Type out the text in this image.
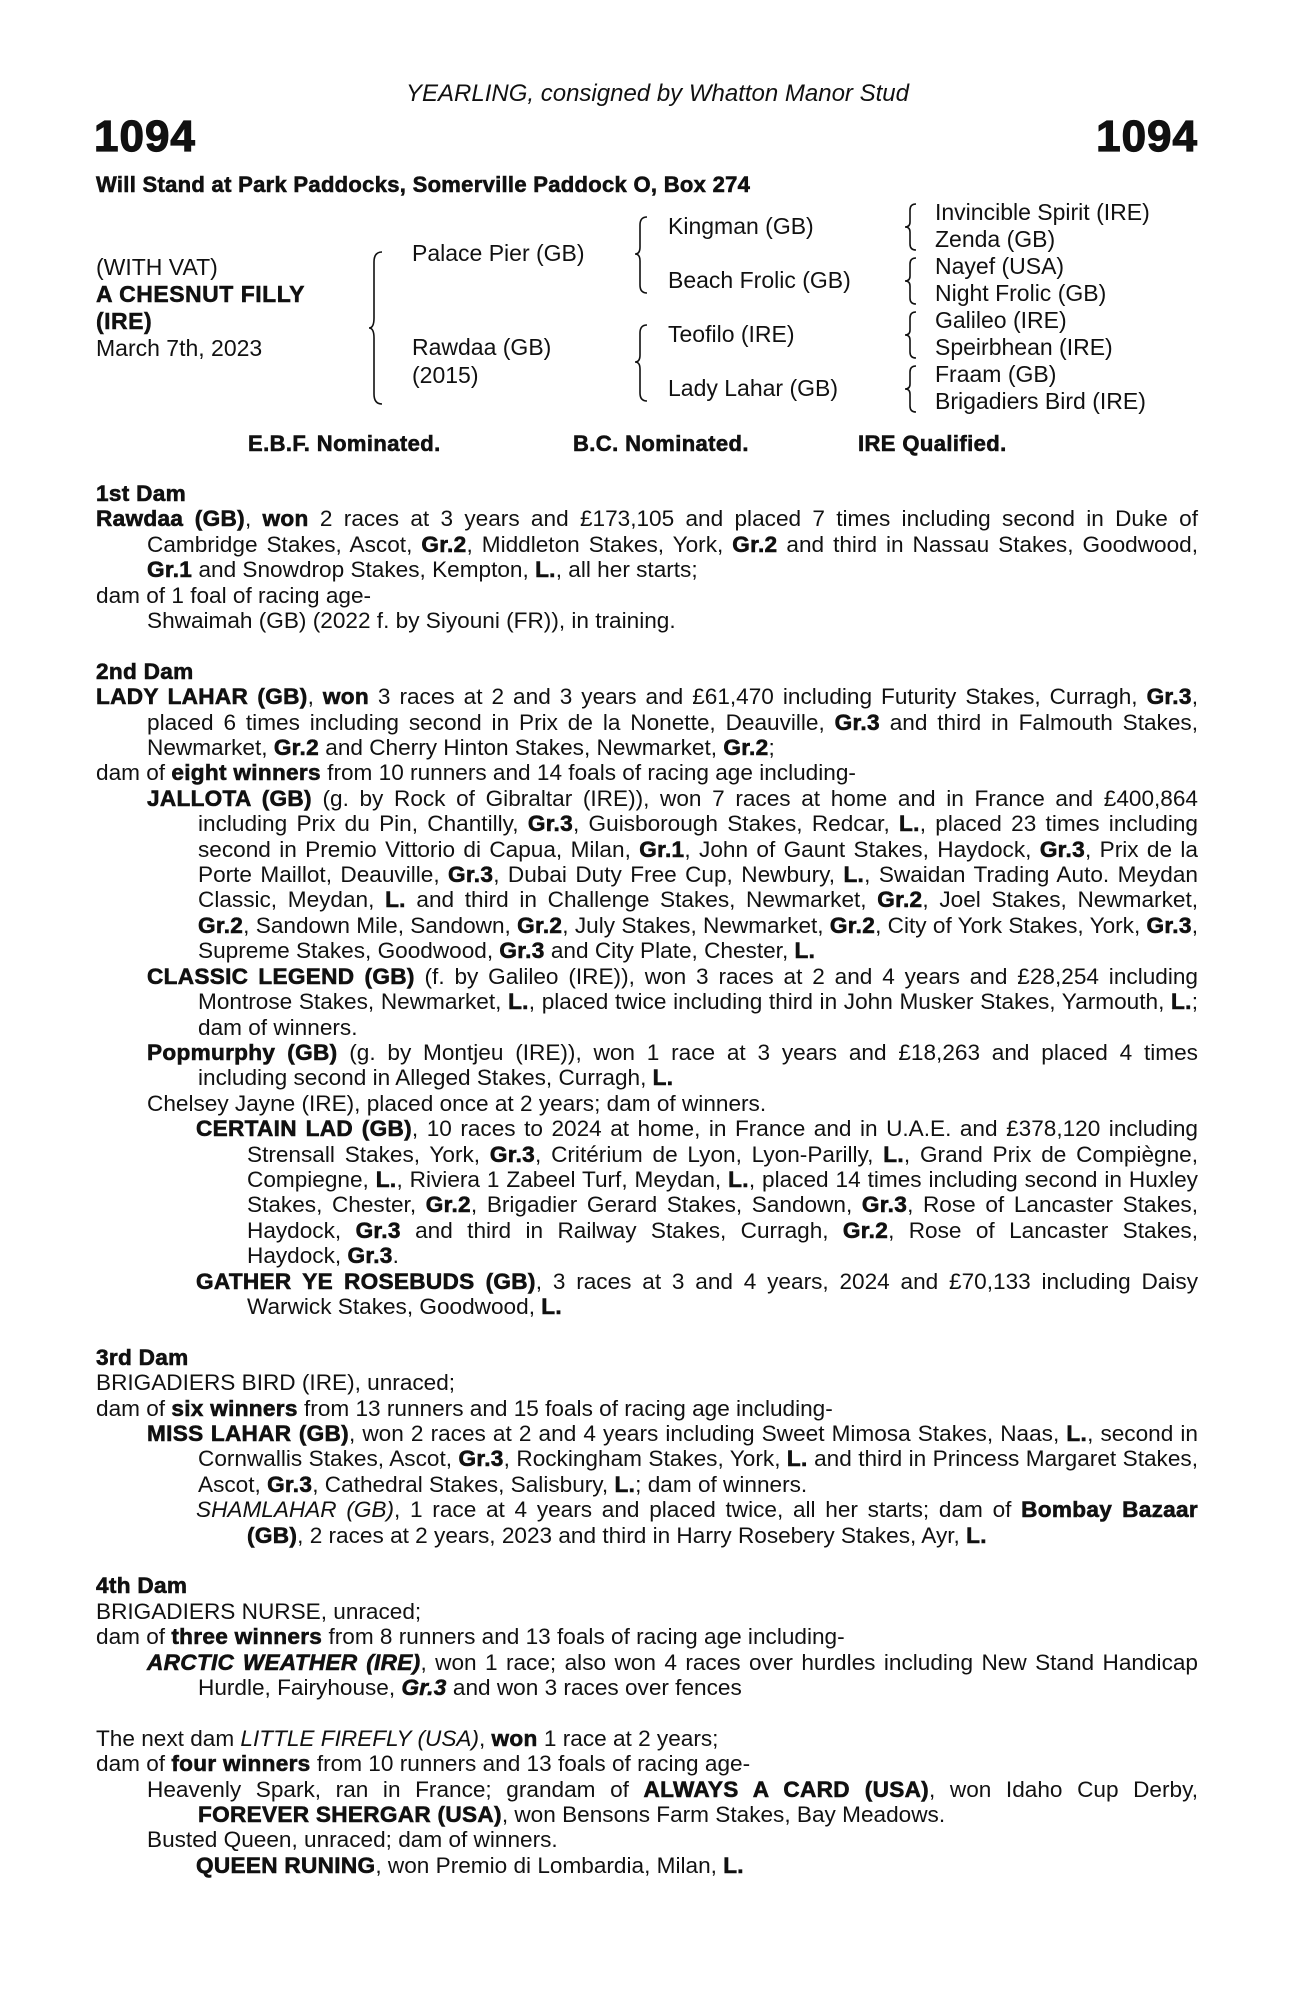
YEARLING, consigned by Whatton Manor Stud
1094	1094
Will Stand at Park Paddocks, Somerville Paddock O, Box 274
(WITH VAT)
A CHESNUT FILLY
(IRE)
March 7th, 2023
Palace Pier (GB)
Rawdaa (GB)
(2015)
Kingman (GB)
Beach Frolic (GB)
Teofilo (IRE)
Lady Lahar (GB)
Invincible Spirit (IRE)
Zenda (GB)
Nayef (USA)
Night Frolic (GB)
Galileo (IRE)
Speirbhean (IRE)
Fraam (GB)
Brigadiers Bird (IRE)
E.B.F. Nominated.	B.C. Nominated.	IRE Qualified.
1st Dam
Rawdaa (GB), won 2 races at 3 years and £173,105 and placed 7 times including second in Duke of Cambridge Stakes, Ascot, Gr.2, Middleton Stakes, York, Gr.2 and third in Nassau Stakes, Goodwood, Gr.1 and Snowdrop Stakes, Kempton, L., all her starts;
dam of 1 foal of racing age-
Shwaimah (GB) (2022 f. by Siyouni (FR)), in training.
2nd Dam
LADY LAHAR (GB), won 3 races at 2 and 3 years and £61,470 including Futurity Stakes, Curragh, Gr.3, placed 6 times including second in Prix de la Nonette, Deauville, Gr.3 and third in Falmouth Stakes, Newmarket, Gr.2 and Cherry Hinton Stakes, Newmarket, Gr.2;
dam of eight winners from 10 runners and 14 foals of racing age including-
JALLOTA (GB) (g. by Rock of Gibraltar (IRE)), won 7 races at home and in France and £400,864 including Prix du Pin, Chantilly, Gr.3, Guisborough Stakes, Redcar, L., placed 23 times including second in Premio Vittorio di Capua, Milan, Gr.1, John of Gaunt Stakes, Haydock, Gr.3, Prix de la Porte Maillot, Deauville, Gr.3, Dubai Duty Free Cup, Newbury, L., Swaidan Trading Auto. Meydan Classic, Meydan, L. and third in Challenge Stakes, Newmarket, Gr.2, Joel Stakes, Newmarket, Gr.2, Sandown Mile, Sandown, Gr.2, July Stakes, Newmarket, Gr.2, City of York Stakes, York, Gr.3, Supreme Stakes, Goodwood, Gr.3 and City Plate, Chester, L.
CLASSIC LEGEND (GB) (f. by Galileo (IRE)), won 3 races at 2 and 4 years and £28,254 including Montrose Stakes, Newmarket, L., placed twice including third in John Musker Stakes, Yarmouth, L.; dam of winners.
Popmurphy (GB) (g. by Montjeu (IRE)), won 1 race at 3 years and £18,263 and placed 4 times including second in Alleged Stakes, Curragh, L.
Chelsey Jayne (IRE), placed once at 2 years; dam of winners.
CERTAIN LAD (GB), 10 races to 2024 at home, in France and in U.A.E. and £378,120 including Strensall Stakes, York, Gr.3, Critérium de Lyon, Lyon-Parilly, L., Grand Prix de Compiègne, Compiegne, L., Riviera 1 Zabeel Turf, Meydan, L., placed 14 times including second in Huxley Stakes, Chester, Gr.2, Brigadier Gerard Stakes, Sandown, Gr.3, Rose of Lancaster Stakes, Haydock, Gr.3 and third in Railway Stakes, Curragh, Gr.2, Rose of Lancaster Stakes, Haydock, Gr.3.
GATHER YE ROSEBUDS (GB), 3 races at 3 and 4 years, 2024 and £70,133 including Daisy Warwick Stakes, Goodwood, L.
3rd Dam
BRIGADIERS BIRD (IRE), unraced;
dam of six winners from 13 runners and 15 foals of racing age including-
MISS LAHAR (GB), won 2 races at 2 and 4 years including Sweet Mimosa Stakes, Naas, L., second in Cornwallis Stakes, Ascot, Gr.3, Rockingham Stakes, York, L. and third in Princess Margaret Stakes, Ascot, Gr.3, Cathedral Stakes, Salisbury, L.; dam of winners.
SHAMLAHAR (GB), 1 race at 4 years and placed twice, all her starts; dam of Bombay Bazaar (GB), 2 races at 2 years, 2023 and third in Harry Rosebery Stakes, Ayr, L.
4th Dam
BRIGADIERS NURSE, unraced;
dam of three winners from 8 runners and 13 foals of racing age including-
ARCTIC WEATHER (IRE), won 1 race; also won 4 races over hurdles including New Stand Handicap Hurdle, Fairyhouse, Gr.3 and won 3 races over fences
The next dam LITTLE FIREFLY (USA), won 1 race at 2 years;
dam of four winners from 10 runners and 13 foals of racing age-
Heavenly Spark, ran in France; grandam of ALWAYS A CARD (USA), won Idaho Cup Derby, FOREVER SHERGAR (USA), won Bensons Farm Stakes, Bay Meadows.
Busted Queen, unraced; dam of winners.
QUEEN RUNING, won Premio di Lombardia, Milan, L.
